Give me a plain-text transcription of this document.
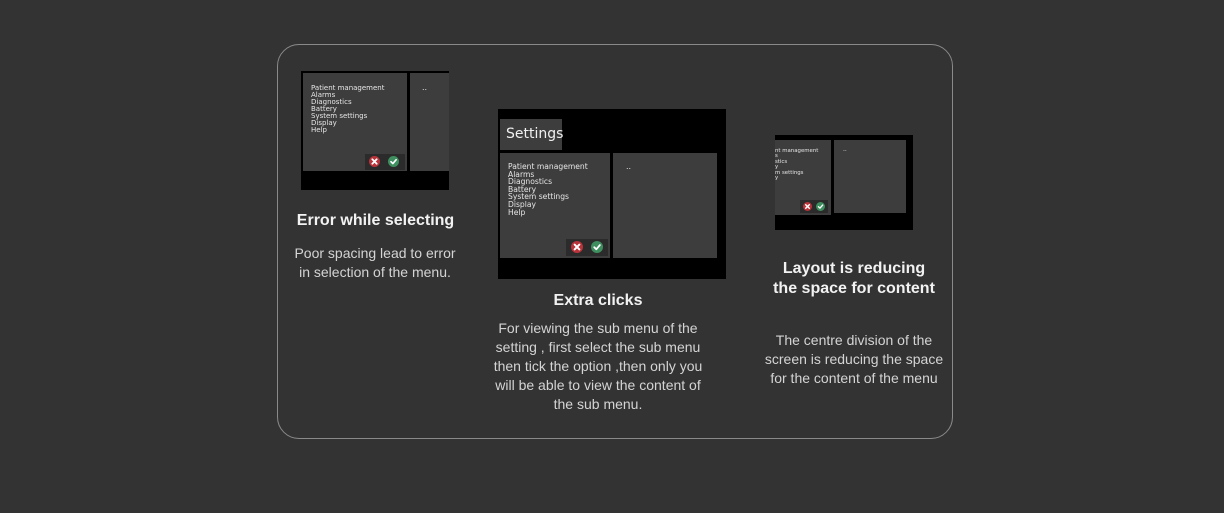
Patient management
Alarms
Diagnostics
Battery
System settings
Display
Help
..
Error while selecting
Poor spacing lead to error in selection of the menu.
Settings
Patient management
Alarms
Diagnostics
Battery
System settings
Display
Help
..
Extra clicks
For viewing the sub menu of the setting , first select the sub menu then tick the option ,then only you will be able to view the content of the sub menu.
nt management
s
stics
y
m settings
y
..
Layout is reducing the space for content
The centre division of the screen is reducing the space for the content of the menu
